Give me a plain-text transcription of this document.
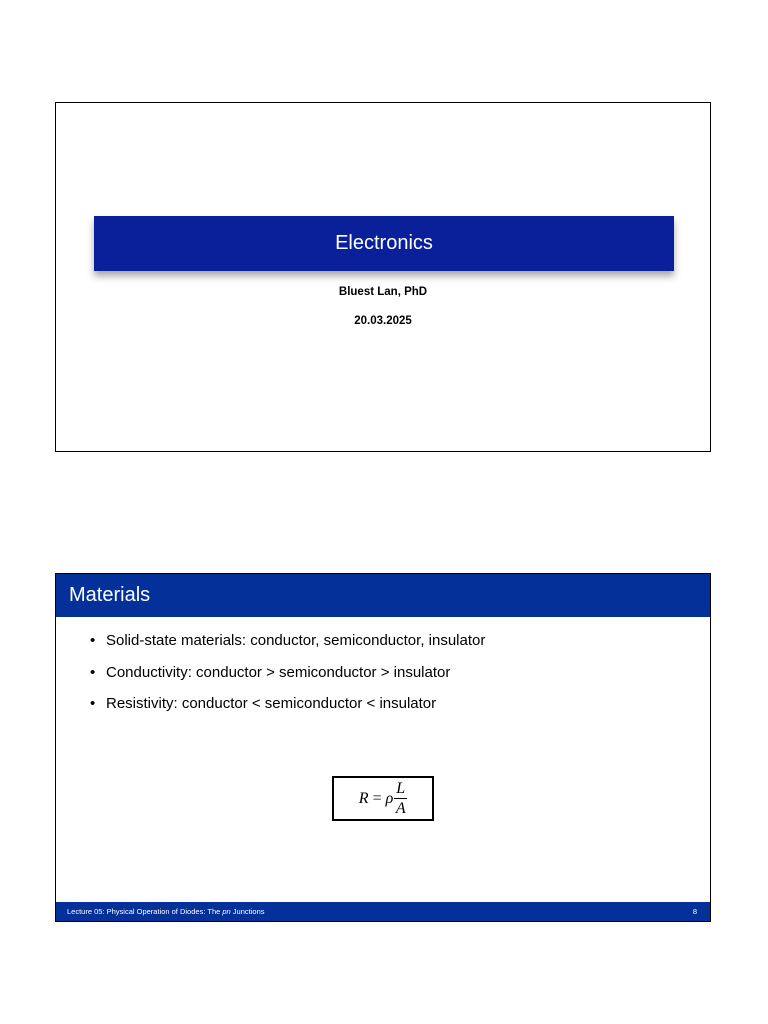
Electronics
Bluest Lan, PhD
20.03.2025
Materials
• Solid-state materials: conductor, semiconductor, insulator
• Conductivity: conductor > semiconductor > insulator
• Resistivity: conductor < semiconductor < insulator
R = ρ $\frac{L}{A}$
Lecture 05: Physical Operation of Diodes: The pn Junctions	8
